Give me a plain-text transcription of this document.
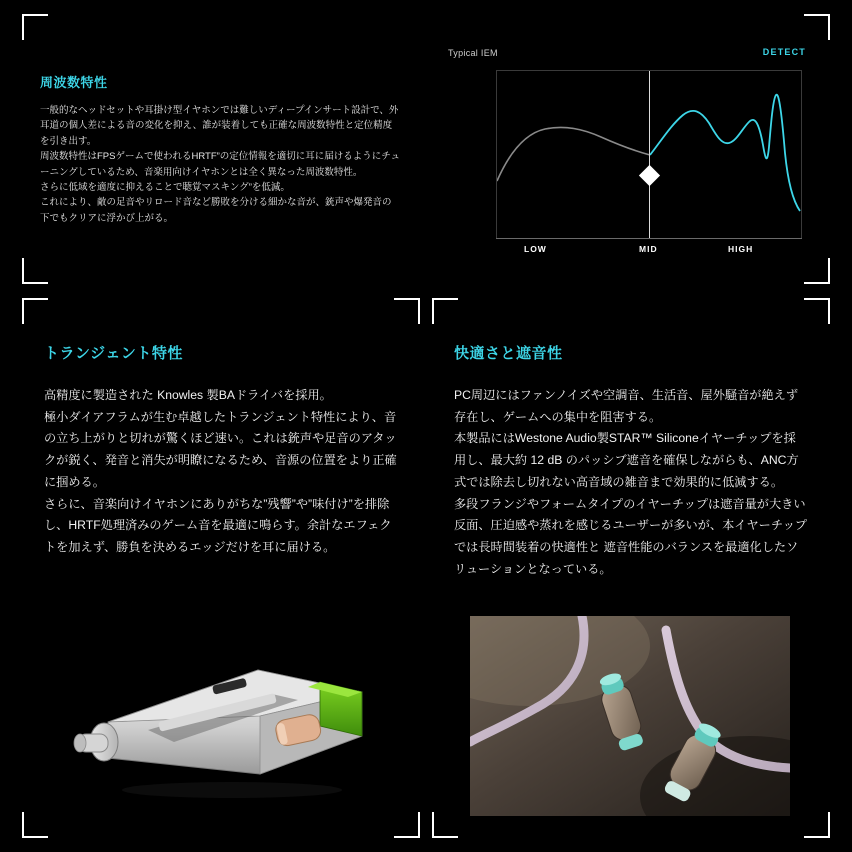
周波数特性

一般的なヘッドセットや耳掛け型イヤホンでは難しいディープインサート設計で、外耳道の個人差による音の変化を抑え、誰が装着しても正確な周波数特性と定位精度を引き出す。

周波数特性はFPSゲームで使われるHRTF”の定位情報を適切に耳に届けるようにチューニングしているため、音楽用向けイヤホンとは全く異なった周波数特性。

さらに低域を適度に抑えることで聴覚マスキング”を低減。

これにより、敵の足音やリロード音など勝敗を分ける細かな音が、銃声や爆発音の下でもクリアに浮かび上がる。

Typical IEM	DETECT
LOW	MID	HIGH
トランジェント特性

高精度に製造された Knowles 製BAドライバを採用。

極小ダイアフラムが生む卓越したトランジェント特性により、音の立ち上がりと切れが驚くほど速い。これは銃声や足音のアタックが鋭く、発音と消失が明瞭になるため、音源の位置をより正確に掴める。

さらに、音楽向けイヤホンにありがちな”残響”や”味付け”を排除し、HRTF処理済みのゲーム音を最適に鳴らす。余計なエフェクトを加えず、勝負を決めるエッジだけを耳に届ける。

快適さと遮音性

PC周辺にはファンノイズや空調音、生活音、屋外騒音が絶えず存在し、ゲームへの集中を阻害する。

本製品にはWestone Audio製STAR™ Siliconeイヤーチップを採用し、最大約 12 dB のパッシブ遮音を確保しながらも、ANC方式では除去し切れない高音域の雑音まで効果的に低減する。

多段フランジやフォームタイプのイヤーチップは遮音量が大きい反面、圧迫感や蒸れを感じるユーザーが多いが、本イヤーチップでは長時間装着の快適性と 遮音性能のバランスを最適化したソリューションとなっている。
